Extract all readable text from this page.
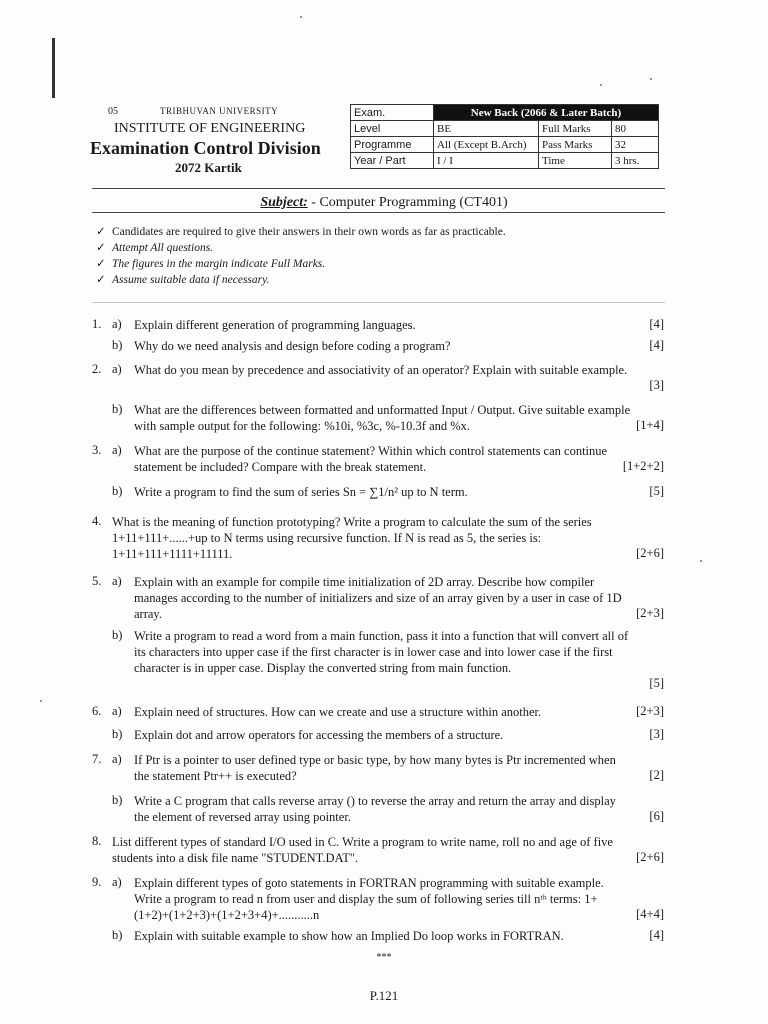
05	TRIBHUVAN UNIVERSITY
INSTITUTE OF ENGINEERING
Examination Control Division
2072 Kartik
Exam.	New Back (2066 & Later Batch)		
Level	BE	Full Marks	80
Programme	All (Except B.Arch)	Pass Marks	32
Year / Part	I / I	Time	3 hrs.
Subject: - Computer Programming (CT401)
✓ Candidates are required to give their answers in their own words as far as practicable.
✓ Attempt All questions.
✓ The figures in the margin indicate Full Marks.
✓ Assume suitable data if necessary.
1. a) Explain different generation of programming languages.	[4]
b) Why do we need analysis and design before coding a program?	[4]
2. a) What do you mean by precedence and associativity of an operator? Explain with suitable example.
[3]
b) What are the differences between formatted and unformatted Input / Output. Give suitable example with sample output for the following: %10i, %3c, %-10.3f and %x.	[1+4]
3. a) What are the purpose of the continue statement? Within which control statements can continue statement be included? Compare with the break statement.	[1+2+2]
b) Write a program to find the sum of series Sn = ∑1/n² up to N term.	[5]
4. What is the meaning of function prototyping? Write a program to calculate the sum of the series 1+11+111+......+up to N terms using recursive function. If N is read as 5, the series is: 1+11+111+1111+11111.	[2+6]
5. a) Explain with an example for compile time initialization of 2D array. Describe how compiler manages according to the number of initializers and size of an array given by a user in case of 1D array.	[2+3]
b) Write a program to read a word from a main function, pass it into a function that will convert all of its characters into upper case if the first character is in lower case and into lower case if the first character is in upper case. Display the converted string from main function.
[5]
6. a) Explain need of structures. How can we create and use a structure within another.	[2+3]
b) Explain dot and arrow operators for accessing the members of a structure.	[3]
7. a) If Ptr is a pointer to user defined type or basic type, by how many bytes is Ptr incremented when the statement Ptr++ is executed?	[2]
b) Write a C program that calls reverse array () to reverse the array and return the array and display the element of reversed array using pointer.	[6]
8. List different types of standard I/O used in C. Write a program to write name, roll no and age of five students into a disk file name "STUDENT.DAT".	[2+6]
9. a) Explain different types of goto statements in FORTRAN programming with suitable example. Write a program to read n from user and display the sum of following series till nᵗʰ terms: 1+(1+2)+(1+2+3)+(1+2+3+4)+...........n	[4+4]
b) Explain with suitable example to show how an Implied Do loop works in FORTRAN.	[4]
***
P.121
